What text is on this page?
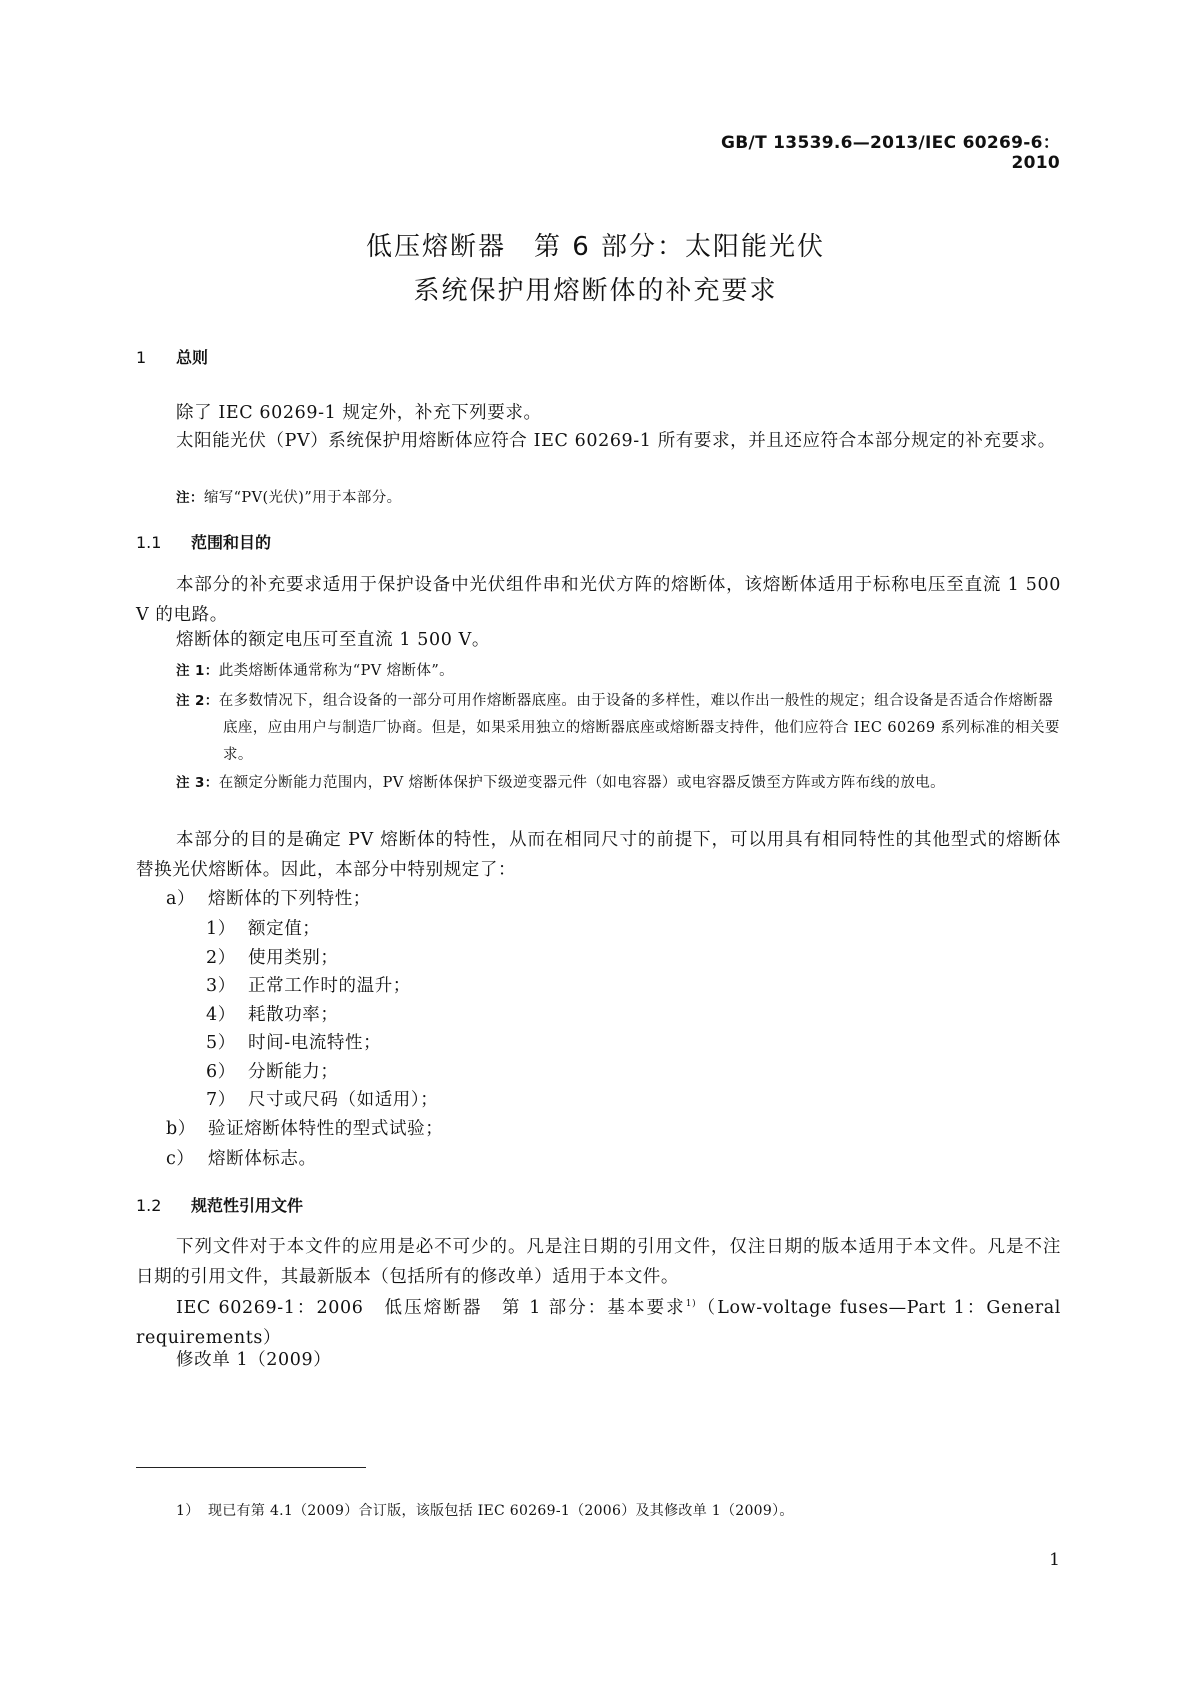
GB/T 13539.6—2013/IEC 60269-6：2010
低压熔断器　第 6 部分：太阳能光伏
系统保护用熔断体的补充要求
1 总则
除了 IEC 60269-1 规定外，补充下列要求。
太阳能光伏（PV）系统保护用熔断体应符合 IEC 60269-1 所有要求，并且还应符合本部分规定的补充要求。
注：缩写“PV(光伏)”用于本部分。
1.1 范围和目的
本部分的补充要求适用于保护设备中光伏组件串和光伏方阵的熔断体，该熔断体适用于标称电压至直流 1 500 V 的电路。
熔断体的额定电压可至直流 1 500 V。
注 1：此类熔断体通常称为“PV 熔断体”。
注 2：在多数情况下，组合设备的一部分可用作熔断器底座。由于设备的多样性，难以作出一般性的规定；组合设备是否适合作熔断器底座，应由用户与制造厂协商。但是，如果采用独立的熔断器底座或熔断器支持件，他们应符合 IEC 60269 系列标准的相关要求。
注 3：在额定分断能力范围内，PV 熔断体保护下级逆变器元件（如电容器）或电容器反馈至方阵或方阵布线的放电。
本部分的目的是确定 PV 熔断体的特性，从而在相同尺寸的前提下，可以用具有相同特性的其他型式的熔断体替换光伏熔断体。因此，本部分中特别规定了：
a） 熔断体的下列特性；
1） 额定值；
2） 使用类别；
3） 正常工作时的温升；
4） 耗散功率；
5） 时间-电流特性；
6） 分断能力；
7） 尺寸或尺码（如适用）；
b） 验证熔断体特性的型式试验；
c） 熔断体标志。
1.2 规范性引用文件
下列文件对于本文件的应用是必不可少的。凡是注日期的引用文件，仅注日期的版本适用于本文件。凡是不注日期的引用文件，其最新版本（包括所有的修改单）适用于本文件。
IEC 60269-1：2006　低压熔断器　第 1 部分：基本要求$^{1)}$（Low-voltage fuses—Part 1：General requirements）
修改单 1（2009）
1） 现已有第 4.1（2009）合订版，该版包括 IEC 60269-1（2006）及其修改单 1（2009）。
1
